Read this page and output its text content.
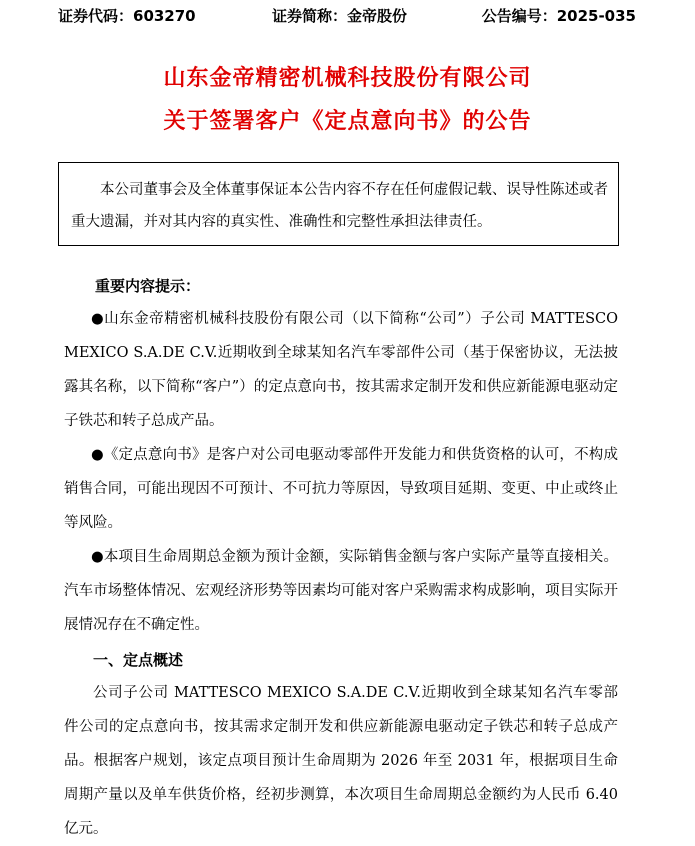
证券代码：603270	证券简称：金帝股份	公告编号：2025-035
山东金帝精密机械科技股份有限公司
关于签署客户《定点意向书》的公告

本公司董事会及全体董事保证本公告内容不存在任何虚假记载、误导性陈述或者重大遗漏，并对其内容的真实性、准确性和完整性承担法律责任。

重要内容提示：

●山东金帝精密机械科技股份有限公司（以下简称“公司”）子公司 MATTESCO MEXICO S.A.DE C.V.近期收到全球某知名汽车零部件公司（基于保密协议，无法披露其名称，以下简称“客户”）的定点意向书，按其需求定制开发和供应新能源电驱动定子铁芯和转子总成产品。

●《定点意向书》是客户对公司电驱动零部件开发能力和供货资格的认可，不构成销售合同，可能出现因不可预计、不可抗力等原因，导致项目延期、变更、中止或终止等风险。

●本项目生命周期总金额为预计金额，实际销售金额与客户实际产量等直接相关。汽车市场整体情况、宏观经济形势等因素均可能对客户采购需求构成影响，项目实际开展情况存在不确定性。

一、定点概述

公司子公司 MATTESCO MEXICO S.A.DE C.V.近期收到全球某知名汽车零部件公司的定点意向书，按其需求定制开发和供应新能源电驱动定子铁芯和转子总成产品。根据客户规划，该定点项目预计生命周期为 2026 年至 2031 年，根据项目生命周期产量以及单车供货价格，经初步测算，本次项目生命周期总金额约为人民币 6.40 亿元。
